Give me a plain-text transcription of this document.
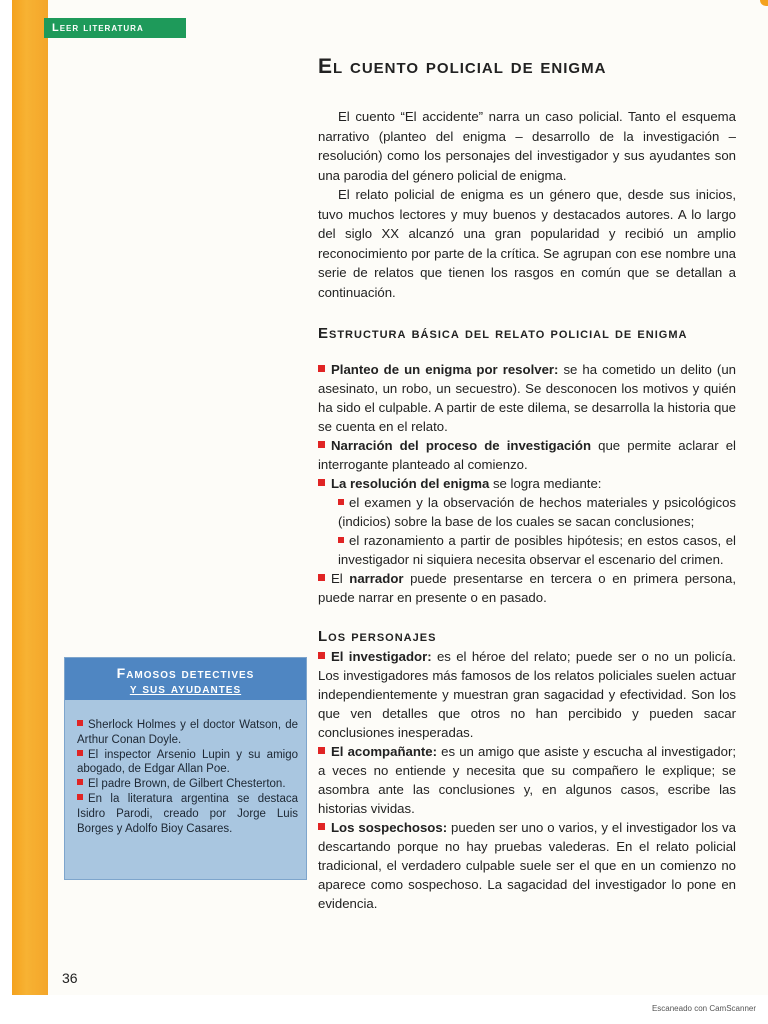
Leer literatura
El cuento policial de enigma

El cuento “El accidente” narra un caso policial. Tanto el esquema narrativo (planteo del enigma – desarrollo de la investigación – resolución) como los personajes del investigador y sus ayudantes son una parodia del género policial de enigma.

El relato policial de enigma es un género que, desde sus inicios, tuvo muchos lectores y muy buenos y destacados autores. A lo largo del siglo XX alcanzó una gran popularidad y recibió un amplio reconocimiento por parte de la crítica. Se agrupan con ese nombre una serie de relatos que tienen los rasgos en común que se detallan a continuación.

Estructura básica del relato policial de enigma

Planteo de un enigma por resolver: se ha cometido un delito (un asesinato, un robo, un secuestro). Se desconocen los motivos y quién ha sido el culpable. A partir de este dilema, se desarrolla la historia que se cuenta en el relato.

Narración del proceso de investigación que permite aclarar el interrogante planteado al comienzo.

La resolución del enigma se logra mediante:

el examen y la observación de hechos materiales y psicológicos (indicios) sobre la base de los cuales se sacan conclusiones;

el razonamiento a partir de posibles hipótesis; en estos casos, el investigador ni siquiera necesita observar el escenario del crimen.

El narrador puede presentarse en tercera o en primera persona, puede narrar en presente o en pasado.

Los personajes

El investigador: es el héroe del relato; puede ser o no un policía. Los investigadores más famosos de los relatos policiales suelen actuar independientemente y muestran gran sagacidad y efectividad. Son los que ven detalles que otros no han percibido y pueden sacar conclusiones inesperadas.

El acompañante: es un amigo que asiste y escucha al investigador; a veces no entiende y necesita que su compañero le explique; se asombra ante las conclusiones y, en algunos casos, escribe las historias vividas.

Los sospechosos: pueden ser uno o varios, y el investigador los va descartando porque no hay pruebas valederas. En el relato policial tradicional, el verdadero culpable suele ser el que en un comienzo no aparece como sospechoso. La sagacidad del investigador lo pone en evidencia.

Famosos detectives
y sus ayudantes

Sherlock Holmes y el doctor Watson, de Arthur Conan Doyle.

El inspector Arsenio Lupin y su amigo abogado, de Edgar Allan Poe.

El padre Brown, de Gilbert Chesterton.

En la literatura argentina se destaca Isidro Parodi, creado por Jorge Luis Borges y Adolfo Bioy Casares.

36
Escaneado con CamScanner
